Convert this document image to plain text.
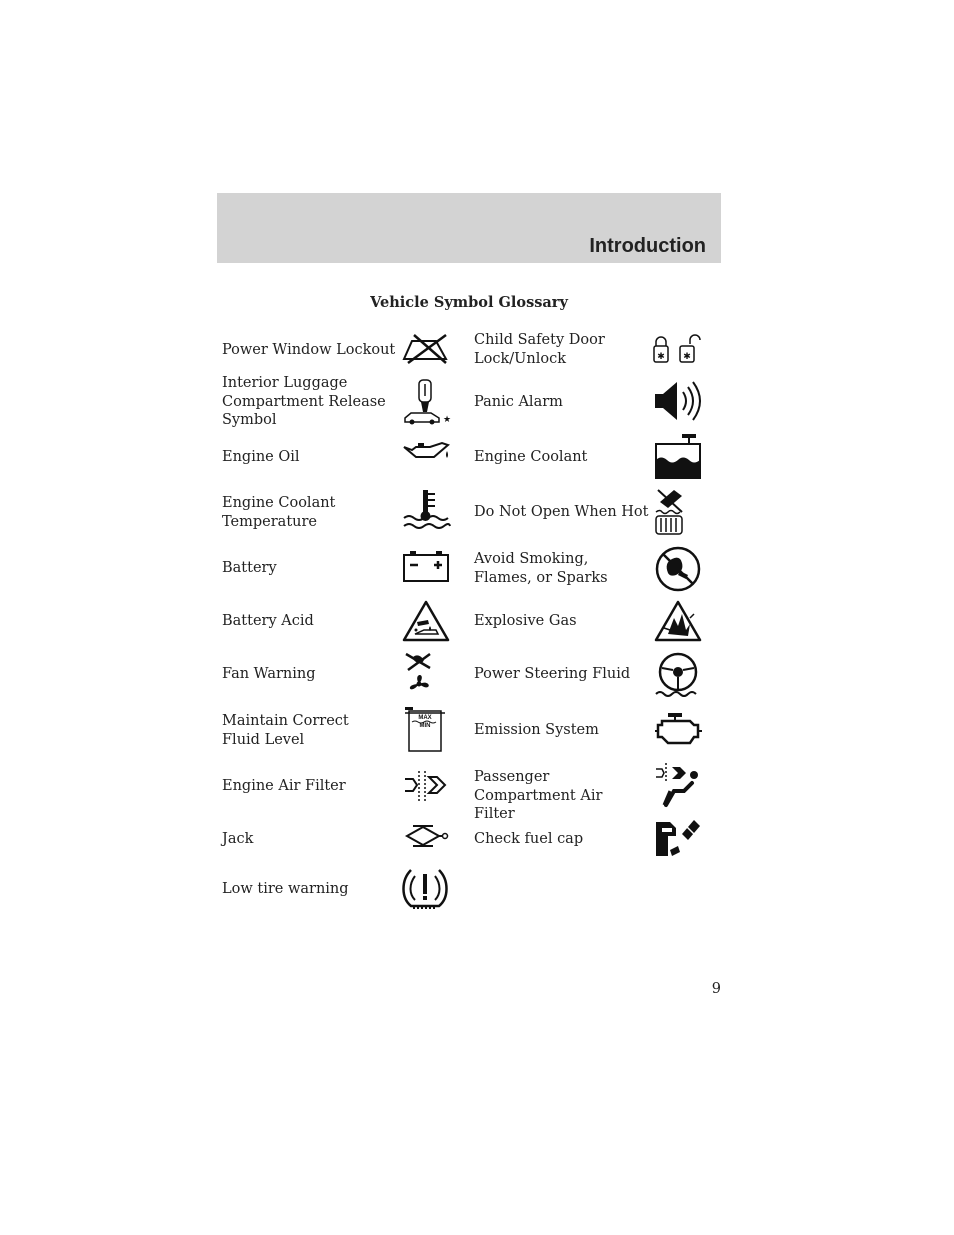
Introduction
Vehicle Symbol Glossary
Power Window Lockout
Interior Luggage Compartment Release Symbol
Engine Oil
Engine Coolant Temperature
Battery
Battery Acid
Fan Warning
Maintain Correct Fluid Level
Engine Air Filter
Jack
Low tire warning
Child Safety Door Lock/Unlock
Panic Alarm
Engine Coolant
Do Not Open When Hot
Avoid Smoking, Flames, or Sparks
Explosive Gas
Power Steering Fluid
Emission System
Passenger Compartment Air Filter
Check fuel cap
★
MAX
MIN
✱ ✱
9
